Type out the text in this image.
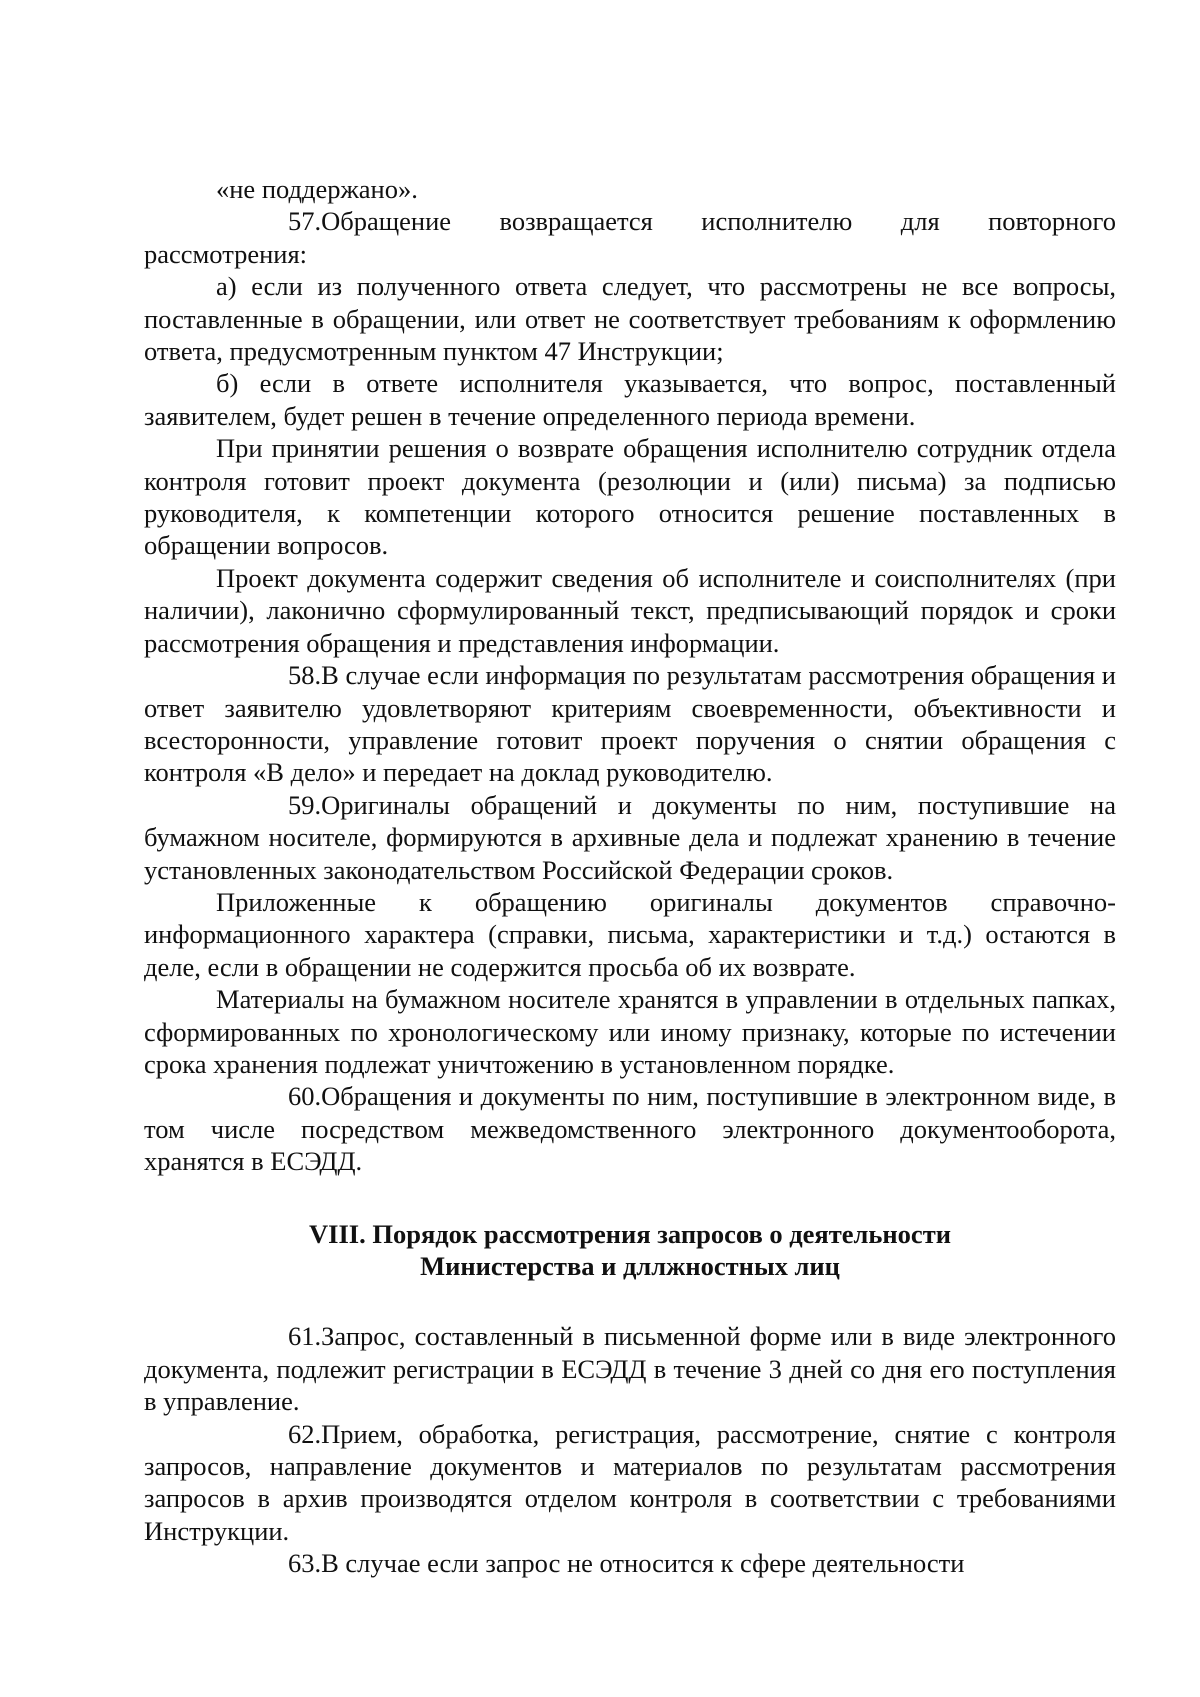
«не поддержано».

57.Обращение возвращается исполнителю для повторного рассмотрения:

а) если из полученного ответа следует, что рассмотрены не все вопросы, поставленные в обращении, или ответ не соответствует требованиям к оформлению ответа, предусмотренным пунктом 47 Инструкции;

б) если в ответе исполнителя указывается, что вопрос, поставленный заявителем, будет решен в течение определенного периода времени.

При принятии решения о возврате обращения исполнителю сотрудник отдела контроля готовит проект документа (резолюции и (или) письма) за подписью руководителя, к компетенции которого относится решение поставленных в обращении вопросов.

Проект документа содержит сведения об исполнителе и соисполнителях (при наличии), лаконично сформулированный текст, предписывающий порядок и сроки рассмотрения обращения и представления информации.

58.В случае если информация по результатам рассмотрения обращения и ответ заявителю удовлетворяют критериям своевременности, объективности и всесторонности, управление готовит проект поручения о снятии обращения с контроля «В дело» и передает на доклад руководителю.

59.Оригиналы обращений и документы по ним, поступившие на бумажном носителе, формируются в архивные дела и подлежат хранению в течение установленных законодательством Российской Федерации сроков.

Приложенные к обращению оригиналы документов справочно-информационного характера (справки, письма, характеристики и т.д.) остаются в деле, если в обращении не содержится просьба об их возврате.

Материалы на бумажном носителе хранятся в управлении в отдельных папках, сформированных по хронологическому или иному признаку, которые по истечении срока хранения подлежат уничтожению в установленном порядке.

60.Обращения и документы по ним, поступившие в электронном виде, в том числе посредством межведомственного электронного документооборота, хранятся в ЕСЭДД.

VIII. Порядок рассмотрения запросов о деятельности
Министерства и дллжностных лиц

61.Запрос, составленный в письменной форме или в виде электронного документа, подлежит регистрации в ЕСЭДД в течение 3 дней со дня его поступления в управление.

62.Прием, обработка, регистрация, рассмотрение, снятие с контроля запросов, направление документов и материалов по результатам рассмотрения запросов в архив производятся отделом контроля в соответствии с требованиями Инструкции.

63.В случае если запрос не относится к сфере деятельности
